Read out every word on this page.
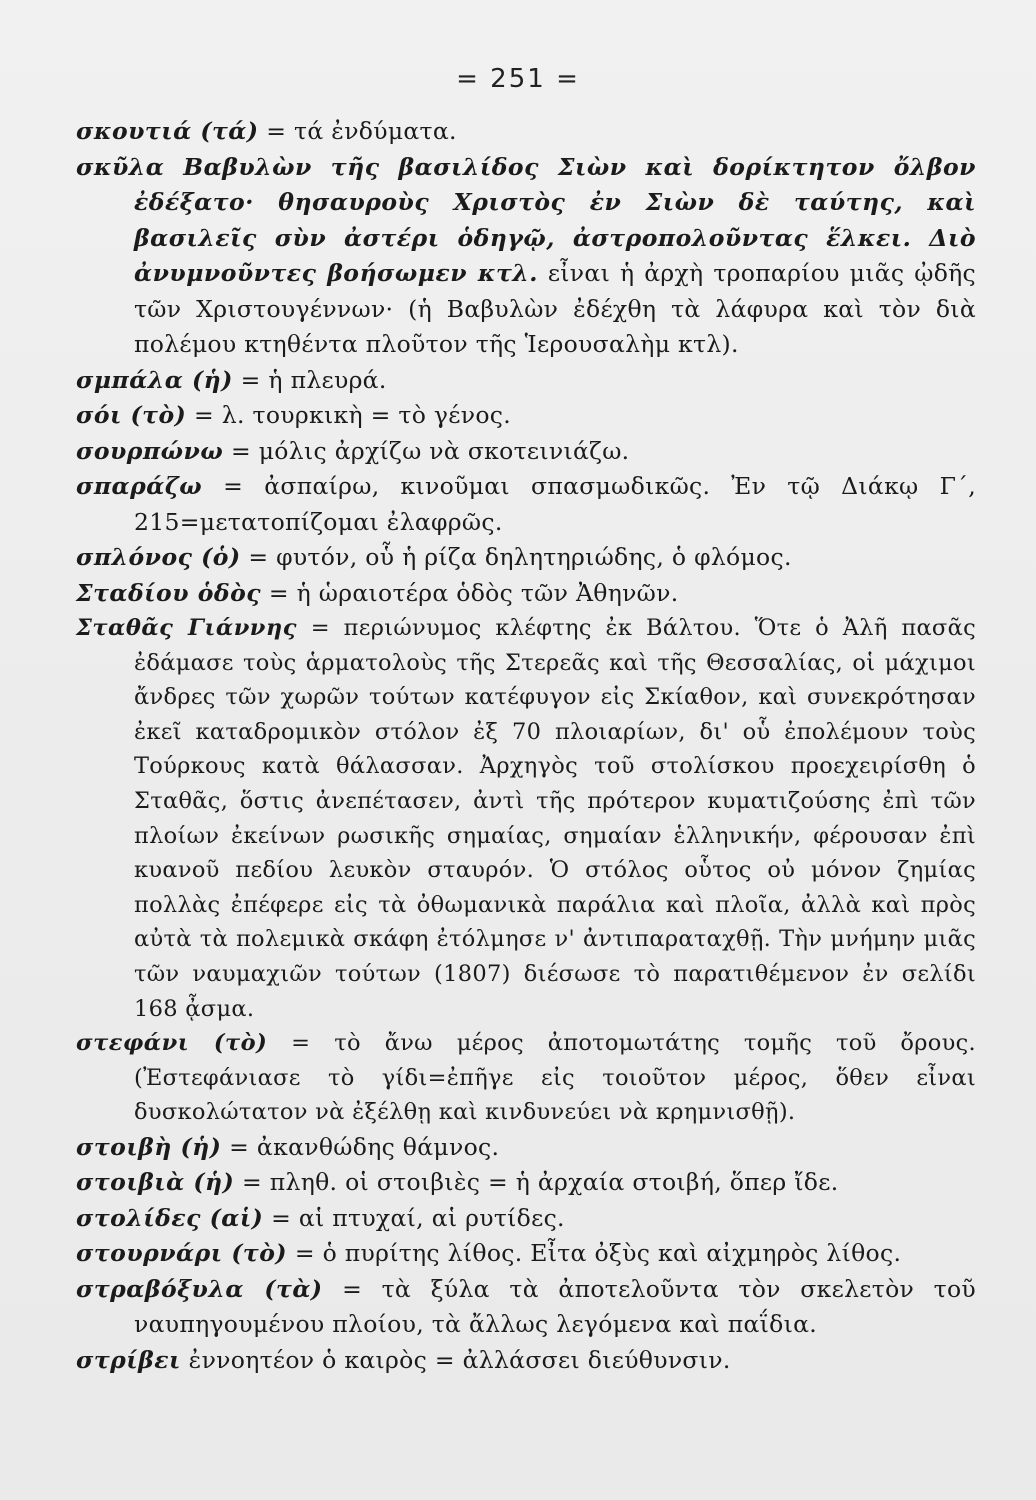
= 251 =

σκουτιά (τά) = τά ἐνδύματα.

σκῦλα Βαβυλὼν τῆς βασιλίδος Σιὼν καὶ δορίκτητον ὄλβον ἐδέξατο· θησαυροὺς Χριστὸς ἐν Σιὼν δὲ ταύτης, καὶ βασιλεῖς σὺν ἀστέρι ὁδηγῷ, ἀστροπολοῦντας ἕλκει. Διὸ ἀνυμνοῦντες βοήσωμεν κτλ. εἶναι ἡ ἀρχὴ τροπαρίου μιᾶς ᾠδῆς τῶν Χριστουγέννων· (ἡ Βαβυλὼν ἐδέχθη τὰ λάφυρα καὶ τὸν διὰ πολέμου κτηθέντα πλοῦτον τῆς Ἱερουσαλὴμ κτλ).

σμπάλα (ἡ) = ἡ πλευρά.

σόι (τὸ) = λ. τουρκικὴ = τὸ γένος.

σουρπώνω = μόλις ἀρχίζω νὰ σκοτεινιάζω.

σπαράζω = ἀσπαίρω, κινοῦμαι σπασμωδικῶς. Ἐν τῷ Διάκῳ Γ΄, 215=μετατοπίζομαι ἐλαφρῶς.

σπλόνος (ὁ) = φυτόν, οὗ ἡ ρίζα δηλητηριώδης, ὁ φλόμος.

Σταδίου ὁδὸς = ἡ ὡραιοτέρα ὁδὸς τῶν Ἀθηνῶν.

Σταθᾶς Γιάννης = περιώνυμος κλέφτης ἐκ Βάλτου. Ὅτε ὁ Ἀλῆ πασᾶς ἐδάμασε τοὺς ἁρματολοὺς τῆς Στερεᾶς καὶ τῆς Θεσσαλίας, οἱ μάχιμοι ἄνδρες τῶν χωρῶν τούτων κατέφυγον εἰς Σκίαθον, καὶ συνεκρότησαν ἐκεῖ καταδρομικὸν στόλον ἐξ 70 πλοιαρίων, δι' οὗ ἐπολέμουν τοὺς Τούρκους κατὰ θάλασσαν. Ἀρχηγὸς τοῦ στολίσκου προεχειρίσθη ὁ Σταθᾶς, ὅστις ἀνεπέτασεν, ἀντὶ τῆς πρότερον κυματιζούσης ἐπὶ τῶν πλοίων ἐκείνων ρωσικῆς σημαίας, σημαίαν ἑλληνικήν, φέρουσαν ἐπὶ κυανοῦ πεδίου λευκὸν σταυρόν. Ὁ στόλος οὗτος οὐ μόνον ζημίας πολλὰς ἐπέφερε εἰς τὰ ὀθωμανικὰ παράλια καὶ πλοῖα, ἀλλὰ καὶ πρὸς αὐτὰ τὰ πολεμικὰ σκάφη ἐτόλμησε ν' ἀντιπαραταχθῇ. Τὴν μνήμην μιᾶς τῶν ναυμαχιῶν τούτων (1807) διέσωσε τὸ παρατιθέμενον ἐν σελίδι 168 ᾆσμα.

στεφάνι (τὸ) = τὸ ἄνω μέρος ἀποτομωτάτης τομῆς τοῦ ὄρους. (Ἐστεφάνιασε τὸ γίδι=ἐπῆγε εἰς τοιοῦτον μέρος, ὅθεν εἶναι δυσκολώτατον νὰ ἐξέλθῃ καὶ κινδυνεύει νὰ κρημνισθῇ).

στοιβὴ (ἡ) = ἀκανθώδης θάμνος.

στοιβιὰ (ἡ) = πληθ. οἱ στοιβιὲς = ἡ ἀρχαία στοιβή, ὅπερ ἴδε.

στολίδες (αἱ) = αἱ πτυχαί, αἱ ρυτίδες.

στουρνάρι (τὸ) = ὁ πυρίτης λίθος. Εἶτα ὀξὺς καὶ αἰχμηρὸς λίθος.

στραβόξυλα (τὰ) = τὰ ξύλα τὰ ἀποτελοῦντα τὸν σκελετὸν τοῦ ναυπηγουμένου πλοίου, τὰ ἄλλως λεγόμενα καὶ παΐδια.

στρίβει ἐννοητέον ὁ καιρὸς = ἀλλάσσει διεύθυνσιν.
